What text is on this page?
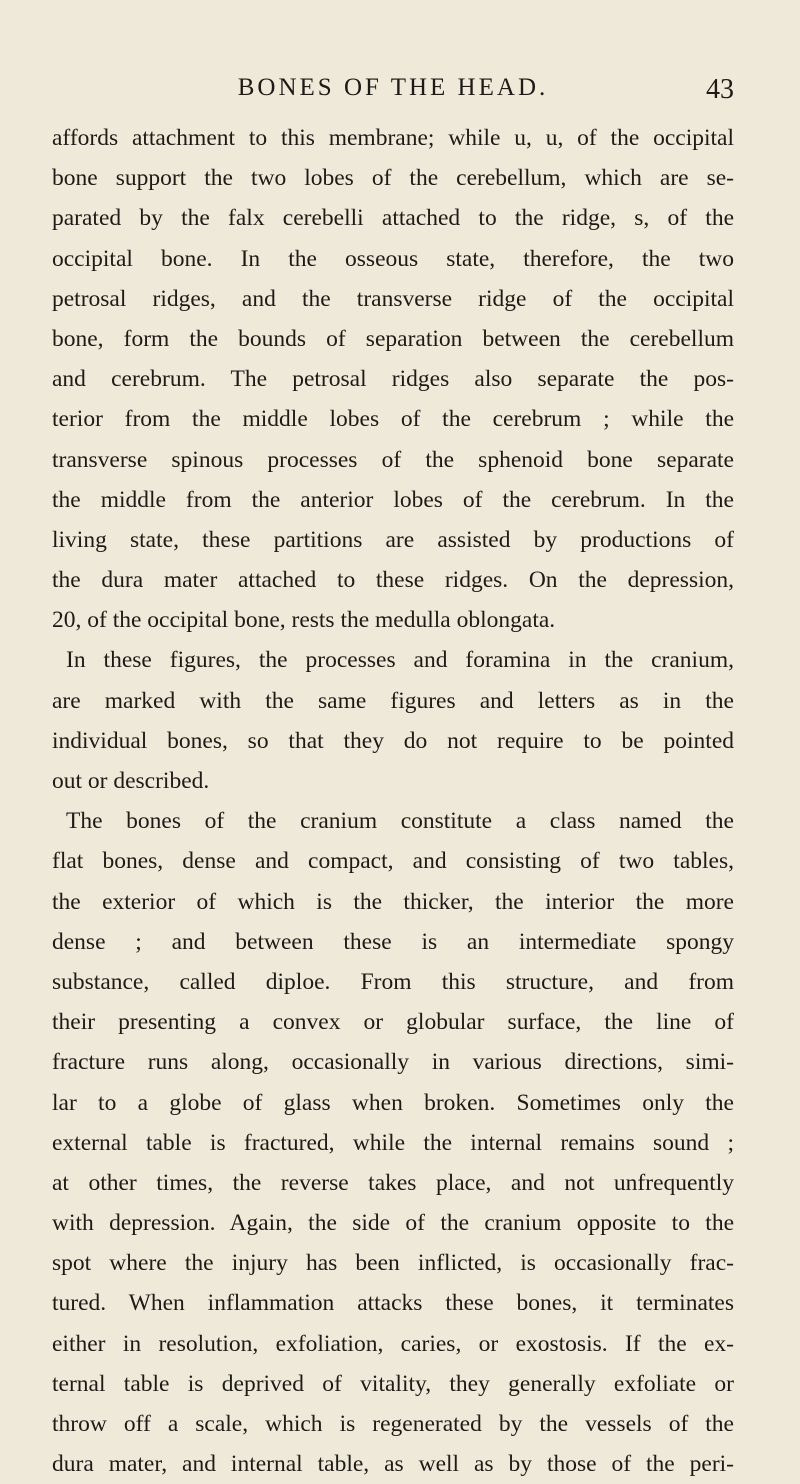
BONES OF THE HEAD.	43
affords attachment to this membrane; while u, u, of the occipital
bone support the two lobes of the cerebellum, which are se-
parated by the falx cerebelli attached to the ridge, s, of the
occipital bone. In the osseous state, therefore, the two
petrosal ridges, and the transverse ridge of the occipital
bone, form the bounds of separation between the cerebellum
and cerebrum. The petrosal ridges also separate the pos-
terior from the middle lobes of the cerebrum ; while the
transverse spinous processes of the sphenoid bone separate
the middle from the anterior lobes of the cerebrum. In the
living state, these partitions are assisted by productions of
the dura mater attached to these ridges. On the depression,
20, of the occipital bone, rests the medulla oblongata.
In these figures, the processes and foramina in the cranium,
are marked with the same figures and letters as in the
individual bones, so that they do not require to be pointed
out or described.
The bones of the cranium constitute a class named the
flat bones, dense and compact, and consisting of two tables,
the exterior of which is the thicker, the interior the more
dense ; and between these is an intermediate spongy
substance, called diploe. From this structure, and from
their presenting a convex or globular surface, the line of
fracture runs along, occasionally in various directions, simi-
lar to a globe of glass when broken. Sometimes only the
external table is fractured, while the internal remains sound ;
at other times, the reverse takes place, and not unfrequently
with depression. Again, the side of the cranium opposite to the
spot where the injury has been inflicted, is occasionally frac-
tured. When inflammation attacks these bones, it terminates
either in resolution, exfoliation, caries, or exostosis. If the ex-
ternal table is deprived of vitality, they generally exfoliate or
throw off a scale, which is regenerated by the vessels of the
dura mater, and internal table, as well as by those of the peri-
